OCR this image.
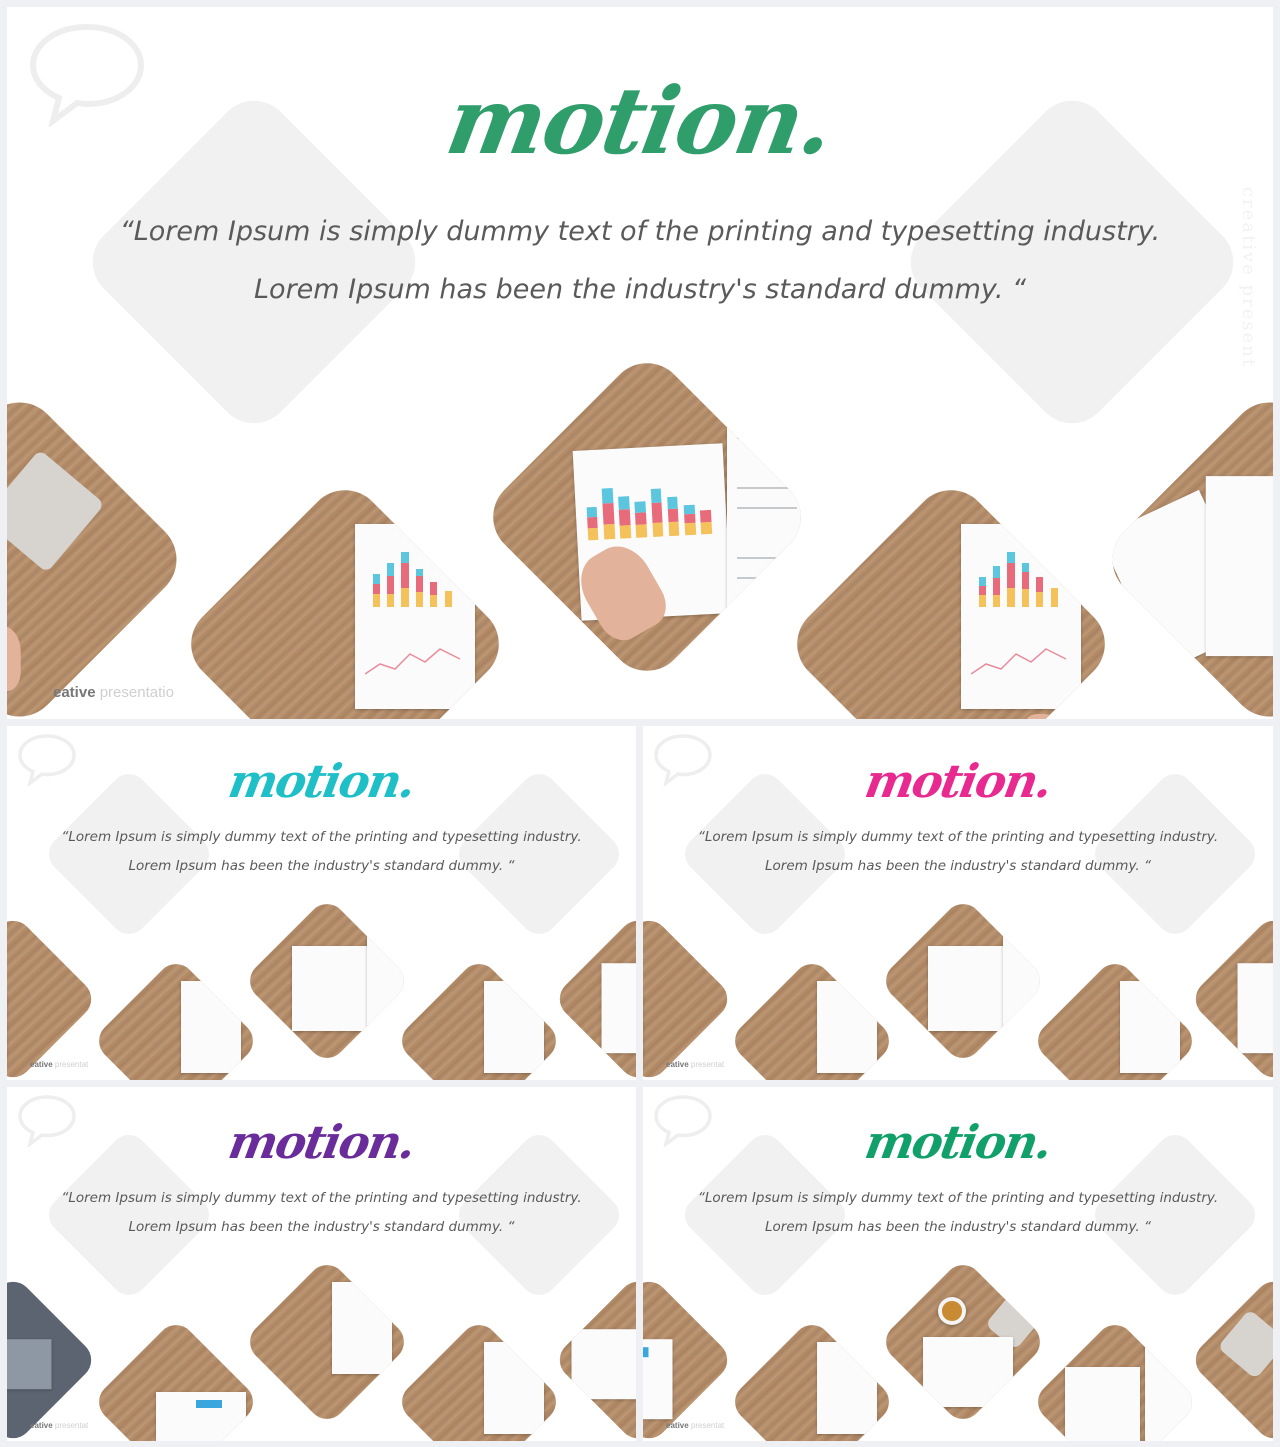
creative present
motion.

“Lorem Ipsum is simply dummy text of the printing and typesetting industry.
Lorem Ipsum has been the industry's standard dummy. “

eative presentatio
motion.

“Lorem Ipsum is simply dummy text of the printing and typesetting industry.
Lorem Ipsum has been the industry's standard dummy. “

eative presentat
motion.

“Lorem Ipsum is simply dummy text of the printing and typesetting industry.
Lorem Ipsum has been the industry's standard dummy. “

eative presentat
motion.

“Lorem Ipsum is simply dummy text of the printing and typesetting industry.
Lorem Ipsum has been the industry's standard dummy. “

eative presentat
motion.

“Lorem Ipsum is simply dummy text of the printing and typesetting industry.
Lorem Ipsum has been the industry's standard dummy. “

eative presentat
